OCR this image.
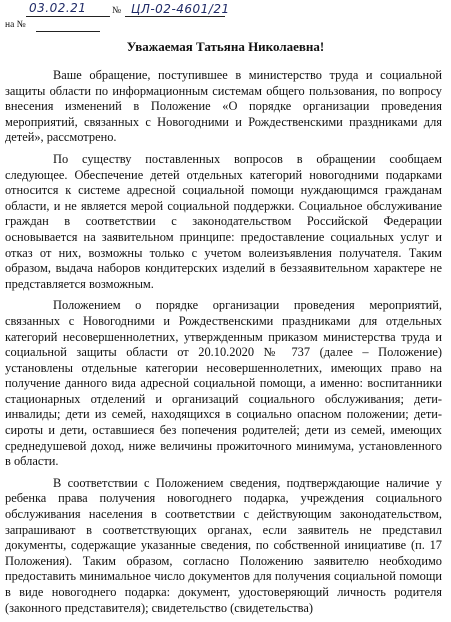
03.02.21	№ ЦЛ-02-4601/21
на №
Уважаемая Татьяна Николаевна!

Ваше обращение, поступившее в министерство труда и социальной защиты области по информационным системам общего пользования, по вопросу внесения изменений в Положение «О порядке организации проведения мероприятий, связанных с Новогодними и Рождественскими праздниками для детей», рассмотрено.

По существу поставленных вопросов в обращении сообщаем следующее. Обеспечение детей отдельных категорий новогодними подарками относится к системе адресной социальной помощи нуждающимся гражданам области, и не является мерой социальной поддержки. Социальное обслуживание граждан в соответствии с законодательством Российской Федерации основывается на заявительном принципе: предоставление социальных услуг и отказ от них, возможны только с учетом волеизъявления получателя. Таким образом, выдача наборов кондитерских изделий в беззаявительном характере не представляется возможным.

Положением о порядке организации проведения мероприятий, связанных с Новогодними и Рождественскими праздниками для отдельных категорий несовершеннолетних, утвержденным приказом министерства труда и социальной защиты области от 20.10.2020 № 737 (далее – Положение) установлены отдельные категории несовершеннолетних, имеющих право на получение данного вида адресной социальной помощи, а именно: воспитанники стационарных отделений и организаций социального обслуживания; дети-инвалиды; дети из семей, находящихся в социально опасном положении; дети-сироты и дети, оставшиеся без попечения родителей; дети из семей, имеющих среднедушевой доход, ниже величины прожиточного минимума, установленного в области.

В соответствии с Положением сведения, подтверждающие наличие у ребенка права получения новогоднего подарка, учреждения социального обслуживания населения в соответствии с действующим законодательством, запрашивают в соответствующих органах, если заявитель не представил документы, содержащие указанные сведения, по собственной инициативе (п. 17 Положения). Таким образом, согласно Положению заявителю необходимо предоставить минимальное число документов для получения социальной помощи в виде новогоднего подарка: документ, удостоверяющий личность родителя (законного представителя); свидетельство (свидетельства)
